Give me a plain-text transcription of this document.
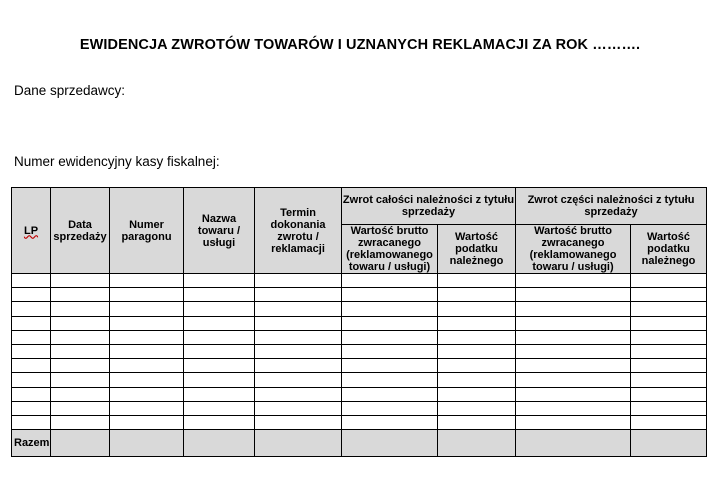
EWIDENCJA ZWROTÓW TOWARÓW I UZNANYCH REKLAMACJI ZA ROK ……….
Dane sprzedawcy:
Numer ewidencyjny kasy fiskalnej:
LP	Data sprzedaży	Numer paragonu	Nazwa towaru / usługi	Termin dokonania zwrotu / reklamacji	Zwrot całości należności z tytułu sprzedaży		Zwrot części należności z tytułu sprzedaży	
					Wartość brutto zwracanego (reklamowanego towaru / usługi)	Wartość podatku należnego	Wartość brutto zwracanego (reklamowanego towaru / usługi)	Wartość podatku należnego

Razem								
